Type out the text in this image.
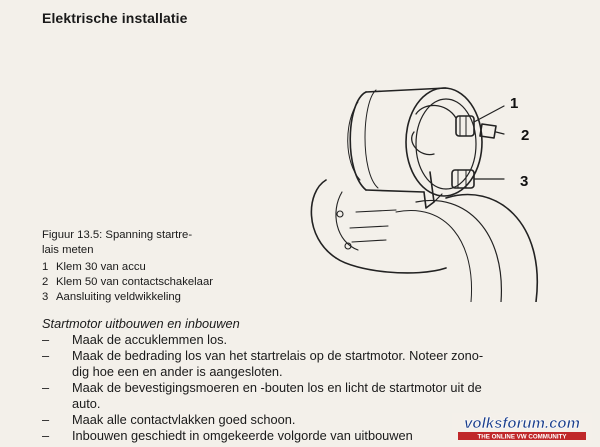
Elektrische installatie
1
2
3
Figuur 13.5: Spanning startre-
lais meten
1 Klem 30 van accu
2 Klem 50 van contactschakelaar
3 Aansluiting veldwikkeling
Startmotor uitbouwen en inbouwen
–	Maak de accuklemmen los.
–	Maak de bedrading los van het startrelais op de startmotor. Noteer zono-
dig hoe een en ander is aangesloten.
–	Maak de bevestigingsmoeren en -bouten los en licht de startmotor uit de
auto.
–	Maak alle contactvlakken goed schoon.
–	Inbouwen geschiedt in omgekeerde volgorde van uitbouwen
volksforum.com
THE ONLINE VW COMMUNITY
